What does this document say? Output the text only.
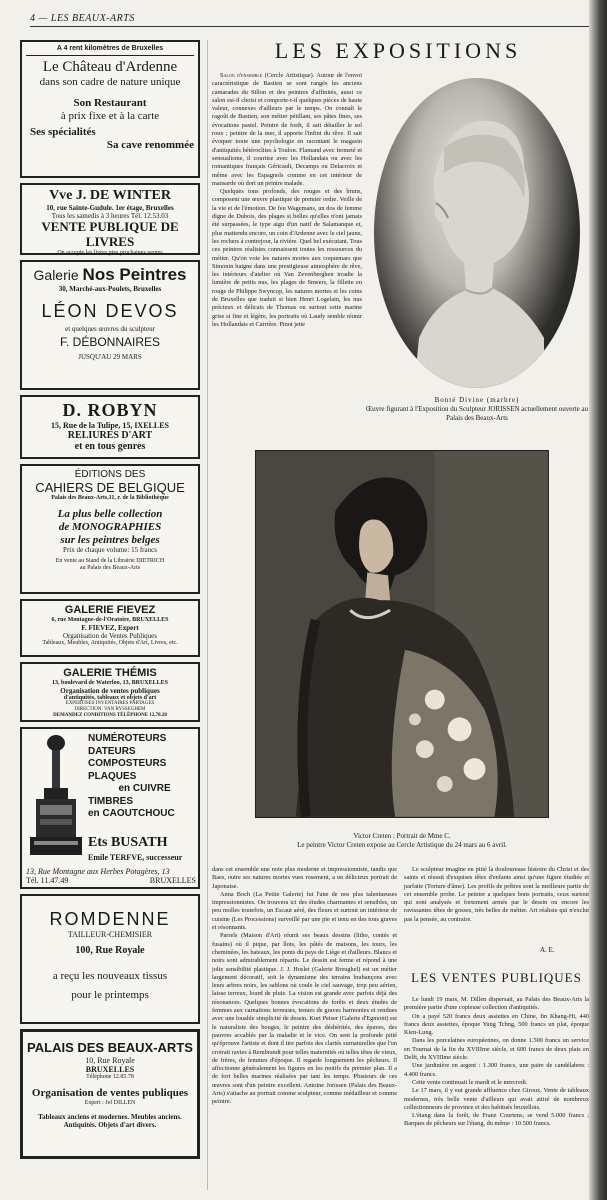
4 — LES BEAUX-ARTS
A 4 rent kilomètres de Bruxelles
Le Château d'Ardenne
dans son cadre de nature unique
Son Restaurant
à prix fixe et à la carte
Ses spécialités
Sa cave renommée
Vve J. DE WINTER
10, rue Sainte-Gudule. 1er étage, Bruxelles
Tous les samedis à 3 heures Tél. 12.53.03
VENTE PUBLIQUE DE LIVRES
On accepte les livres ptes prochaines ventes
Galerie Nos Peintres
30, Marché-aux-Poulets, Bruxelles
LÉON DEVOS
et quelques œuvres du sculpteur
F. DÉBONNAIRES
JUSQU'AU 29 MARS
D. ROBYN
15, Rue de la Tulipe, 15, IXELLES
RELIURES D'ART
et en tous genres
ÉDITIONS DES
CAHIERS DE BELGIQUE
Palais des Beaux-Arts,11, r. de la Bibliothèque
La plus belle collection
de MONOGRAPHIES
sur les peintres belges
Prix de chaque volume: 15 francs
En vente au Stand de la Librairie DIETRICH
au Palais des Beaux-Arts
GALERIE FIEVEZ
6, rue Montagne-de-l'Oratoire, BRUXELLES
F. FIEVEZ, Expert
Organisation de Ventes Publiques
Tableaux, Meubles, Antiquités, Objets d'Art, Livres, etc.
GALERIE THÉMIS
13, boulevard de Waterloo, 13, BRUXELLES
Organisation de ventes publiques
d'antiquités, tableaux et objets d'art
EXPERTISES INVENTAIRES PARTAGES
DIRECTION: VAN RYSSEGHEM
DEMANDEZ CONDITIONS TÉLÉPHONE 12.78.28
NUMÉROTEURS
DATEURS
COMPOSTEURS
PLAQUES
en CUIVRE
TIMBRES
en CAOUTCHOUC
Ets BUSATH
Emile TERFVE, successeur
13, Rue Montagne aux Herbes Potagères, 13
Tél. 11.47.49	BRUXELLES
ROMDENNE
TAILLEUR-CHEMISIER
100, Rue Royale
a reçu les nouveaux tissus
pour le printemps
PALAIS DES BEAUX-ARTS
10, Rue Royale
BRUXELLES
Téléphone 12.85.78
Organisation de ventes publiques
Expert : Jef DILLEN
Tableaux anciens et modernes. Meubles anciens. Antiquités. Objets d'art divers.
LES EXPOSITIONS

Salon d'ensemble (Cercle Artistique). Autour de l'envoi caractéristique de Bastien se sont rangés les anciens camarades du Sillon et des peintres d'affinités, aussi ce salon est-il choisi et comporte-t-il quelques pièces de haute valeur, connexes d'ailleurs par le temps. On connaît le ragoût de Bastien, son métier pétillant, ses pâtes fines, ses évocations pastel. Peintre de forêt, il sait détailler le sol roux ; peintre de la mer, il apporte l'infini du rêve. Il sait évoquer toute une psychologie en racontant le magasin d'antiquités hétéroclites à Toulon. Flamand avec fermeté et sensualisme, il courtise avec les Hollandais ou avec les romantiques français Géricault, Decamps ou Delacroix et même avec les Espagnols comme en cet intérieur de mansarde où dort un peintre malade.

Quelques tons profonds, des rouges et des bruns, composent une œuvre plastique de premier ordre. Veille de la vie et de l'émotion. De feu Wagemans, un dos de femme digne de Dubois, des plages si belles qu'elles n'ont jamais été surpassées, le type aigu d'un natif de Salamanque et, plus mattendu encore, un coin d'Ardenne avec le ciel jaune, les rochers à contrejour, la rivière. Quel bel exécutant. Tous ces peintres réalistes connaissent toutes les ressources du métier. Qu'on voie les natures mortes aux coquemars que Simonin baigne dans une prestigieuse atmosphère de rêve, les intérieurs d'atelier où Van Zevenberghen irradie la lumière de petits nus, les plages de Smeers, la fillette en rouge de Philippe Swyncop, les natures mortes et les coins de Bruxelles que traduit si bien Henri Logelain, les nus précieux et délicats de Thomas ou surtout cette marine grise si fine et légère, les portraits où Laudy semble réunir les Hollandais et Carrière. Pinot jette

Bonté Divine (marbre)
Œuvre figurant à l'Exposition du Sculpteur JORISSEN actuellement ouverte au Palais des Beaux-Arts
Victor Creten : Portrait de Mme C.
Le peintre Victor Creten expose au Cercle Artistique du 24 mars au 6 avril.

dans cet ensemble une note plus moderne et impressionniste, tandis que Baes, outre ses natures mortes vues rosement, a un délicieux portrait de Japonaise.

Anna Boch (La Petite Galerie) fut l'une de nos plus talentueuses impressionnistes. On trouvera ici des études charmantes et sensibles, un peu molles toutefois, un Escaut aéré, des fleurs et surtout un intérieur de cuisine (Les Processions) surveillé par une pie et tenu en des tons graves et résonnants.

Parrels (Maison d'Art) réunit ses beaux dessins (litho, contés et fusains) où il pique, par îlots, les pâtés de maisons, les tours, les cheminées, les bateaux, les ponts du pays de Liège et d'ailleurs. Blancs et noirs sont admirablement répartis. Le dessin est ferme et répond à une jolie sensibilité plastique. J. J. Hoslet (Galerie Breughel) est un métier largement décoratif, soit le dynamisme des terrains brabançons avec leurs arbres noirs, les sablons où coule le ciel sauvage, trop peu aérien, laisse terreux, lourd de pluie. La vision est grande avec parfois déjà des résonances. Quelques bonnes évocations de forêts et deux études de femmes aux carnations terreuses, tenues de graves harmonies et rendues avec une louable simplicité de dessin. Kurt Peiser (Galerie d'Egmont) est le naturaliste des bouges, le peintre des déshérités, des épaves, des pauvres accablés par la maladie et le vice. On sent la profonde pitié qu'éprouve l'artiste et dont il tire parfois des clartés surnaturelles que l'on croirait ravies à Rembrandt pour telles maternités ou telles têtes de vieux, de frères, de femmes d'époque. Il regarde longuement les pêcheurs. Il affectionne généralement les figures en les motifs du premier plan. Il a de fort belles marines réalisées par tant les temps. Plusieurs de ces œuvres sont d'un peintre excellent. Antoine Jorissen (Palais des Beaux-Arts) s'attache au portrait comme sculpteur, comme médailleur et comme peintre.

Le sculpteur imagine en pitié la douloureuse histoire du Christ et des saints et réussit d'exquises têtes d'enfants ainsi qu'une figure étudiée et parfaite (Torture d'âme). Les profils de prêtres sont la meilleure partie de cet ensemble probe. Le peintre a quelques bons portraits, ceux surtout qui sont analysés et fortement armés par le dessin ou encore les ravissantes têtes de gosses, très belles de métier. Art réaliste qui n'exclut pas la pensée, au contraire.

A. E.
LES VENTES PUBLIQUES

Le lundi 19 mars, M. Dillen dispersait, au Palais des Beaux-Arts la première partie d'une copieuse collection d'antiquités.

On a payé 520 francs deux assiettes en Chine, fin Khang-Hi, 440 francs deux assiettes, époque Yung Tchng, 500 francs un plat, époque Kien-Lung.

Dans les porcelaines européennes, on donne 1.500 francs un service en Tournai de la fin du XVIIIme siècle, et 600 francs de deux plats en Delft, du XVIIIme siècle.

Une jardinière en argent : 1.300 francs, une paire de candélabres : 4.400 francs.

Cette vente continuait le mardi et le mercredi.

Le 17 mars, il y eut grande affluence chez Giroux. Vente de tableaux modernes, très belle vente d'ailleurs qui avait attiré de nombreux collectionneurs de province et des habitués bruxellois.

L'étang dans la forêt, de Franz Courtens, se vend 5.000 francs ; Barques de pêcheurs sur l'étang, du même : 10.500 francs.
